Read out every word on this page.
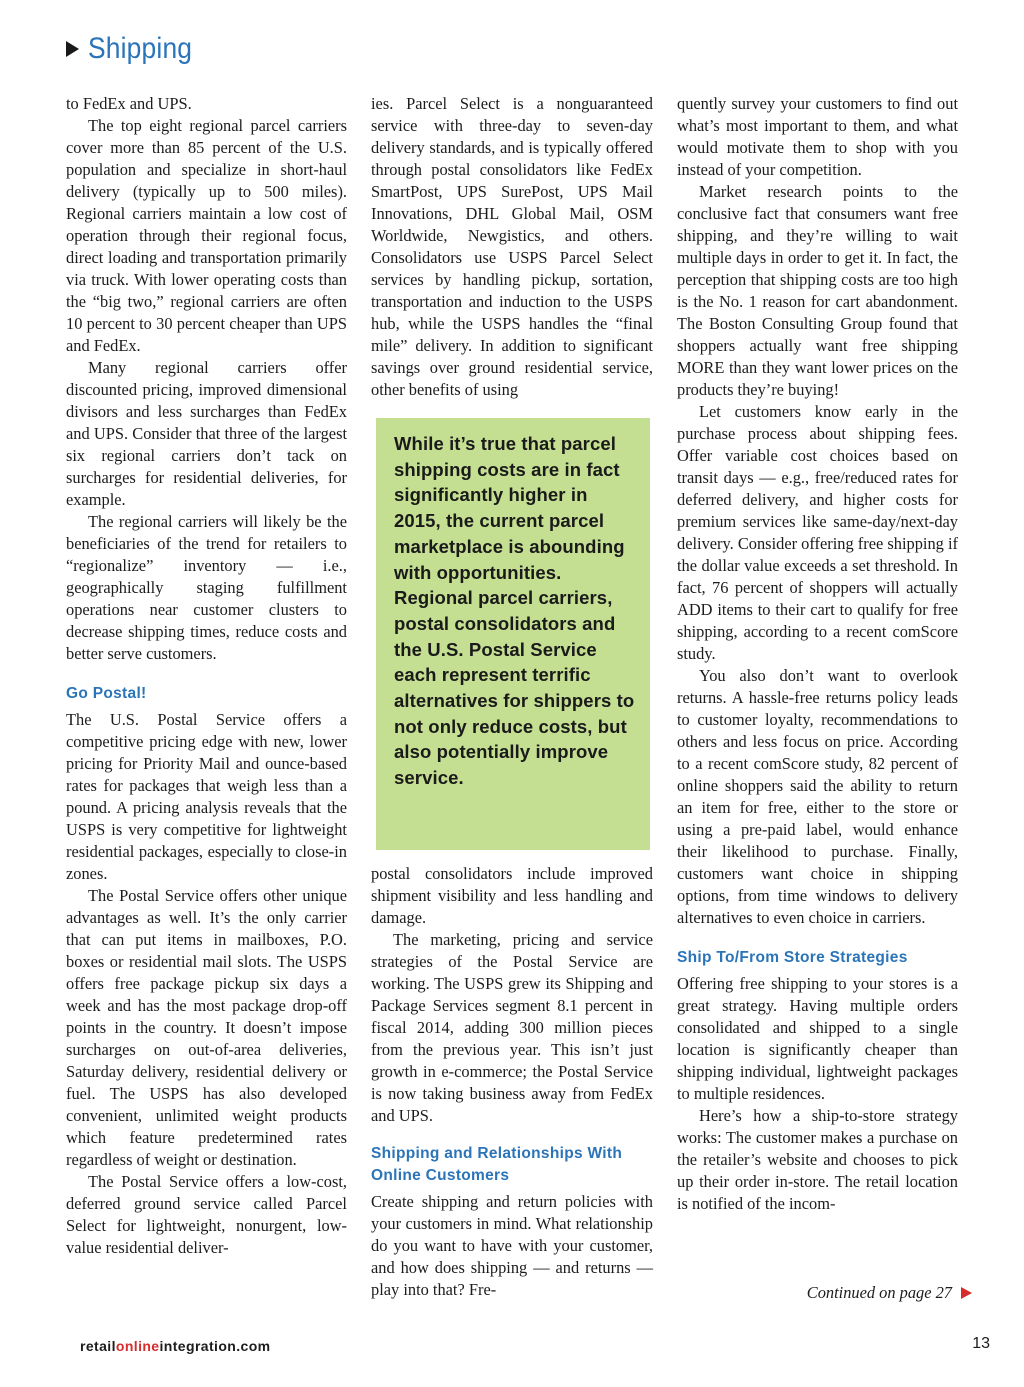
Shipping

to FedEx and UPS.

The top eight regional parcel carriers cover more than 85 percent of the U.S. population and specialize in short-haul delivery (typically up to 500 miles). Regional carriers maintain a low cost of operation through their regional focus, direct loading and transportation primarily via truck. With lower operating costs than the “big two,” regional carriers are often 10 percent to 30 percent cheaper than UPS and FedEx.

Many regional carriers offer discounted pricing, improved dimensional divisors and less surcharges than FedEx and UPS. Consider that three of the largest six regional carriers don’t tack on surcharges for residential deliveries, for example.

The regional carriers will likely be the beneficiaries of the trend for retailers to “regionalize” inventory — i.e., geographically staging fulfillment operations near customer clusters to decrease shipping times, reduce costs and better serve customers.

Go Postal!

The U.S. Postal Service offers a competitive pricing edge with new, lower pricing for Priority Mail and ounce-based rates for packages that weigh less than a pound. A pricing analysis reveals that the USPS is very competitive for lightweight residential packages, especially to close-in zones.

The Postal Service offers other unique advantages as well. It’s the only carrier that can put items in mailboxes, P.O. boxes or residential mail slots. The USPS offers free package pickup six days a week and has the most package drop-off points in the country. It doesn’t impose surcharges on out-of-area deliveries, Saturday delivery, residential delivery or fuel. The USPS has also developed convenient, unlimited weight products which feature predetermined rates regardless of weight or destination.

The Postal Service offers a low-cost, deferred ground service called Parcel Select for lightweight, nonurgent, low-value residential deliver-

ies. Parcel Select is a nonguaranteed service with three-day to seven-day delivery standards, and is typically offered through postal consolidators like FedEx SmartPost, UPS SurePost, UPS Mail Innovations, DHL Global Mail, OSM Worldwide, Newgistics, and others. Consolidators use USPS Parcel Select services by handling pickup, sortation, transportation and induction to the USPS hub, while the USPS handles the “final mile” delivery. In addition to significant savings over ground residential service, other benefits of using

While it’s true that parcel shipping costs are in fact significantly higher in 2015, the current parcel marketplace is abounding with opportunities. Regional parcel carriers, postal consolidators and the U.S. Postal Service each represent terrific alternatives for shippers to not only reduce costs, but also potentially improve service.

postal consolidators include improved shipment visibility and less handling and damage.

The marketing, pricing and service strategies of the Postal Service are working. The USPS grew its Shipping and Package Services segment 8.1 percent in fiscal 2014, adding 300 million pieces from the previous year. This isn’t just growth in e-commerce; the Postal Service is now taking business away from FedEx and UPS.

Shipping and Relationships With Online Customers

Create shipping and return policies with your customers in mind. What relationship do you want to have with your customer, and how does shipping — and returns — play into that? Fre-

quently survey your customers to find out what’s most important to them, and what would motivate them to shop with you instead of your competition.

Market research points to the conclusive fact that consumers want free shipping, and they’re willing to wait multiple days in order to get it. In fact, the perception that shipping costs are too high is the No. 1 reason for cart abandonment. The Boston Consulting Group found that shoppers actually want free shipping MORE than they want lower prices on the products they’re buying!

Let customers know early in the purchase process about shipping fees. Offer variable cost choices based on transit days — e.g., free/reduced rates for deferred delivery, and higher costs for premium services like same-day/next-day delivery. Consider offering free shipping if the dollar value exceeds a set threshold. In fact, 76 percent of shoppers will actually ADD items to their cart to qualify for free shipping, according to a recent comScore study.

You also don’t want to overlook returns. A hassle-free returns policy leads to customer loyalty, recommendations to others and less focus on price. According to a recent comScore study, 82 percent of online shoppers said the ability to return an item for free, either to the store or using a pre-paid label, would enhance their likelihood to purchase. Finally, customers want choice in shipping options, from time windows to delivery alternatives to even choice in carriers.

Ship To/From Store Strategies

Offering free shipping to your stores is a great strategy. Having multiple orders consolidated and shipped to a single location is significantly cheaper than shipping individual, lightweight packages to multiple residences.

Here’s how a ship-to-store strategy works: The customer makes a purchase on the retailer’s website and chooses to pick up their order in-store. The retail location is notified of the incom-

Continued on page 27
retailonlineintegration.com	13
